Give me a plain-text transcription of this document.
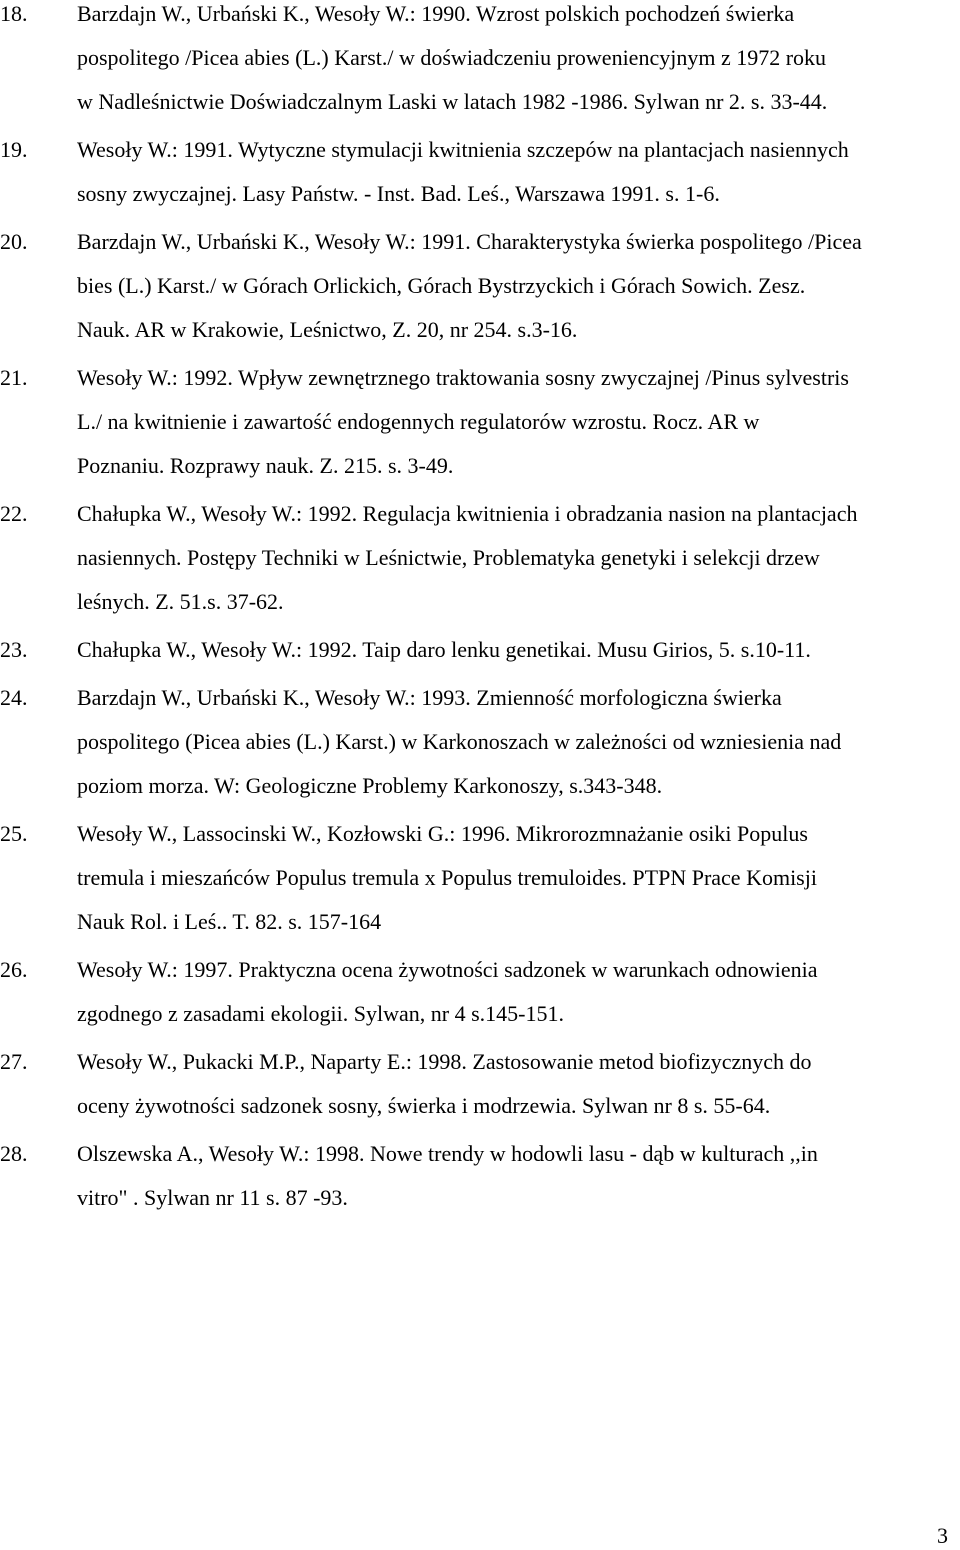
18. Barzdajn W., Urbański K., Wesoły W.: 1990. Wzrost polskich pochodzeń świerka
pospolitego /Picea abies (L.) Karst./ w doświadczeniu proweniencyjnym z 1972 roku
w Nadleśnictwie Doświadczalnym Laski w latach 1982 -1986. Sylwan nr 2. s. 33-44.
19. Wesoły W.: 1991. Wytyczne stymulacji kwitnienia szczepów na plantacjach nasiennych
sosny zwyczajnej. Lasy Państw. - Inst. Bad. Leś., Warszawa 1991. s. 1-6.
20. Barzdajn W., Urbański K., Wesoły W.: 1991. Charakterystyka świerka pospolitego /Picea
bies (L.) Karst./ w Górach Orlickich, Górach Bystrzyckich i Górach Sowich. Zesz.
Nauk. AR w Krakowie, Leśnictwo, Z. 20, nr 254. s.3-16.
21. Wesoły W.: 1992. Wpływ zewnętrznego traktowania sosny zwyczajnej /Pinus sylvestris
L./ na kwitnienie i zawartość endogennych regulatorów wzrostu. Rocz. AR w
Poznaniu. Rozprawy nauk. Z. 215. s. 3-49.
22. Chałupka W., Wesoły W.: 1992. Regulacja kwitnienia i obradzania nasion na plantacjach
nasiennych. Postępy Techniki w Leśnictwie, Problematyka genetyki i selekcji drzew
leśnych. Z. 51.s. 37-62.
23. Chałupka W., Wesoły W.: 1992. Taip daro lenku genetikai. Musu Girios, 5. s.10-11.
24. Barzdajn W., Urbański K., Wesoły W.: 1993. Zmienność morfologiczna świerka
pospolitego (Picea abies (L.) Karst.) w Karkonoszach w zależności od wzniesienia nad
poziom morza. W: Geologiczne Problemy Karkonoszy, s.343-348.
25. Wesoły W., Lassocinski W., Kozłowski G.: 1996. Mikrorozmnażanie osiki Populus
tremula i mieszańców Populus tremula x Populus tremuloides. PTPN Prace Komisji
Nauk Rol. i Leś.. T. 82. s. 157-164
26. Wesoły W.: 1997. Praktyczna ocena żywotności sadzonek w warunkach odnowienia
zgodnego z zasadami ekologii. Sylwan, nr 4 s.145-151.
27. Wesoły W., Pukacki M.P., Naparty E.: 1998. Zastosowanie metod biofizycznych do
oceny żywotności sadzonek sosny, świerka i modrzewia. Sylwan nr 8 s. 55-64.
28. Olszewska A., Wesoły W.: 1998. Nowe trendy w hodowli lasu - dąb w kulturach ,,in
vitro" . Sylwan nr 11 s. 87 -93.
3
